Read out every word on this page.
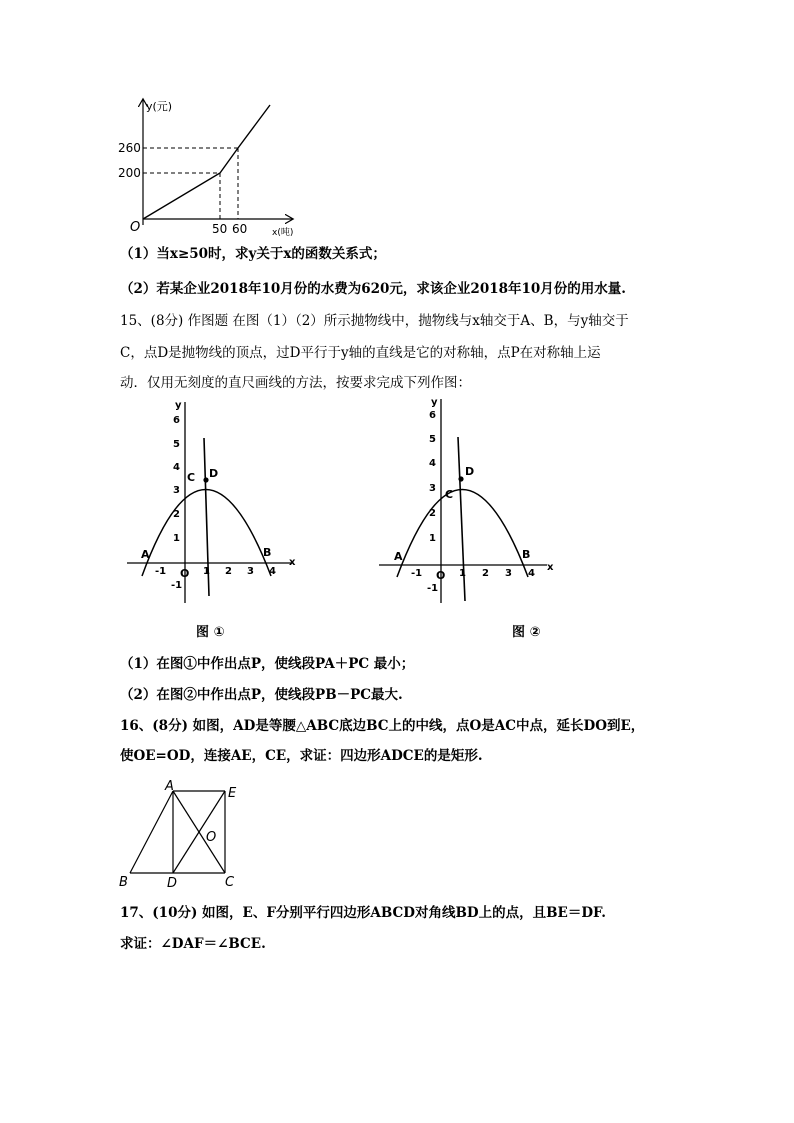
y(元)
260
200
O	50 60	x(吨)
（1）当x≥50时，求y关于x的函数关系式；
（2）若某企业2018年10月份的水费为620元，求该企业2018年10月份的用水量.
15、(8分) 作图题 在图（1）（2）所示抛物线中，抛物线与x轴交于A、B，与y轴交于
C，点D是抛物线的顶点，过D平行于y轴的直线是它的对称轴，点P在对称轴上运
动．仅用无刻度的直尺画线的方法，按要求完成下列作图：
y
x
6
5
4
3
2
1
-1
-1 O 1 2 3 4
A	B
C D
图 ①
y
x
6
5
4
3
2
1
-1
-1 O 1 2 3 4
A	B
C
D
图 ②
（1）在图①中作出点P，使线段PA＋PC 最小；
（2）在图②中作出点P，使线段PB－PC最大.
16、(8分) 如图，AD是等腰△ABC底边BC上的中线，点O是AC中点，延长DO到E，
使OE=OD，连接AE，CE，求证：四边形ADCE的是矩形.
A	E
O
B	D	C
17、(10分) 如图，E、F分别平行四边形ABCD对角线BD上的点，且BE＝DF.
求证：∠DAF＝∠BCE.
